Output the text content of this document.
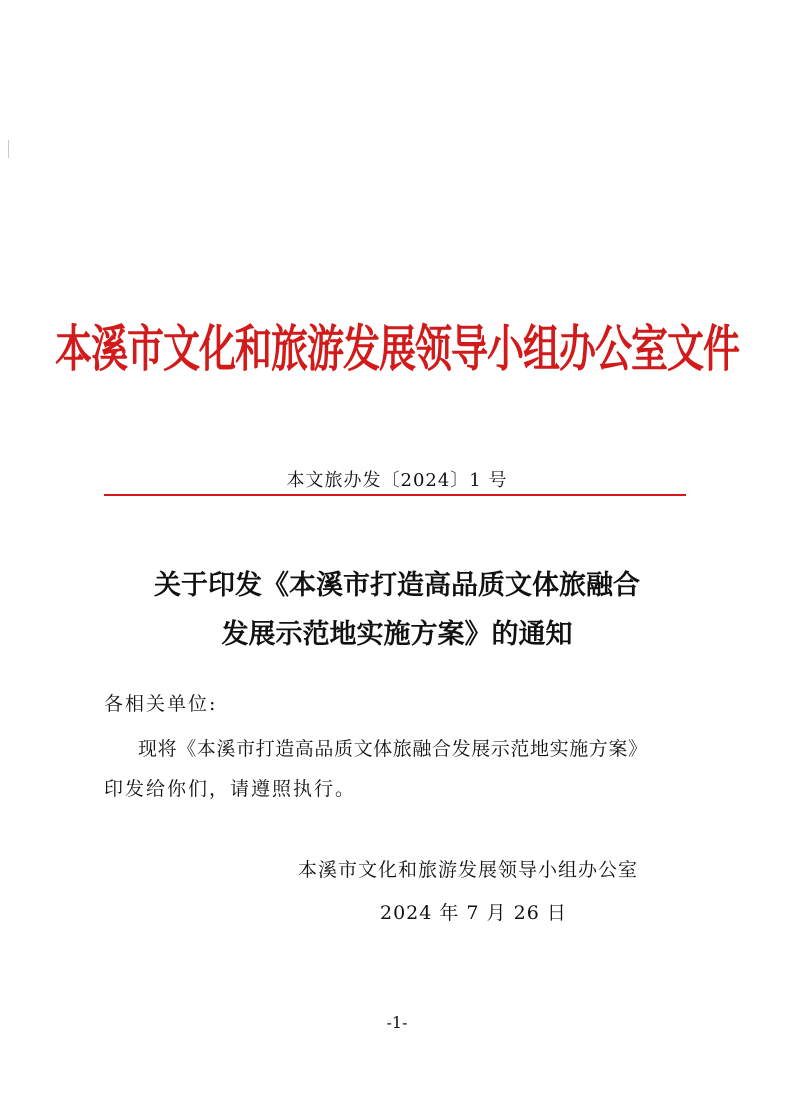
本溪市文化和旅游发展领导小组办公室文件
本文旅办发〔2024〕1 号
关于印发《本溪市打造高品质文体旅融合
发展示范地实施方案》的通知
各相关单位:
现将《本溪市打造高品质文体旅融合发展示范地实施方案》
印发给你们，请遵照执行。
本溪市文化和旅游发展领导小组办公室
2024 年 7 月 26 日
-1-
